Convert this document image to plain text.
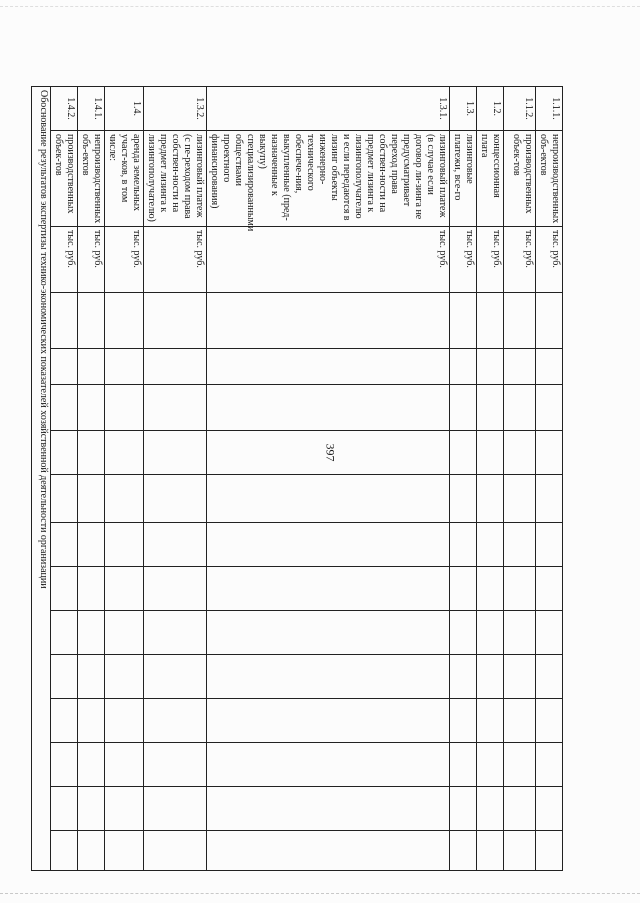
397
1.1.1.	непроизводственных объ-ектов	тыс. руб.													
1.1.2.	производственных объек-тов	тыс. руб.													
1.2.	концессионная плата	тыс. руб.													
1.3.	лизинговые платежи, все-го	тыс. руб.													
1.3.1.	лизинговый платеж (в случае если договор ли-зинга не предусматривает переход права собствен-ности на предмет лизинга к лизингополучателю и если передаются в лизинг объекты инженерно-технического обеспече-ния, выкупленные (пред-назначенные к выкупу) специализированными обществами проектного финансирования)	тыс. руб.													
1.3.2.	лизинговый платеж (с пе-реходом права собствен-ности на предмет лизинга к лизингополучателю)	тыс. руб.													
1.4.	аренда земельных участ-ков, в том числе:	тыс. руб.													
1.4.1.	непроизводственных объ-ектов	тыс. руб.													
1.4.2.	производственных объек-тов	тыс. руб.													
Обоснование результатов экспертизы технико-экономических показателей хозяйственной деятельности организации															
